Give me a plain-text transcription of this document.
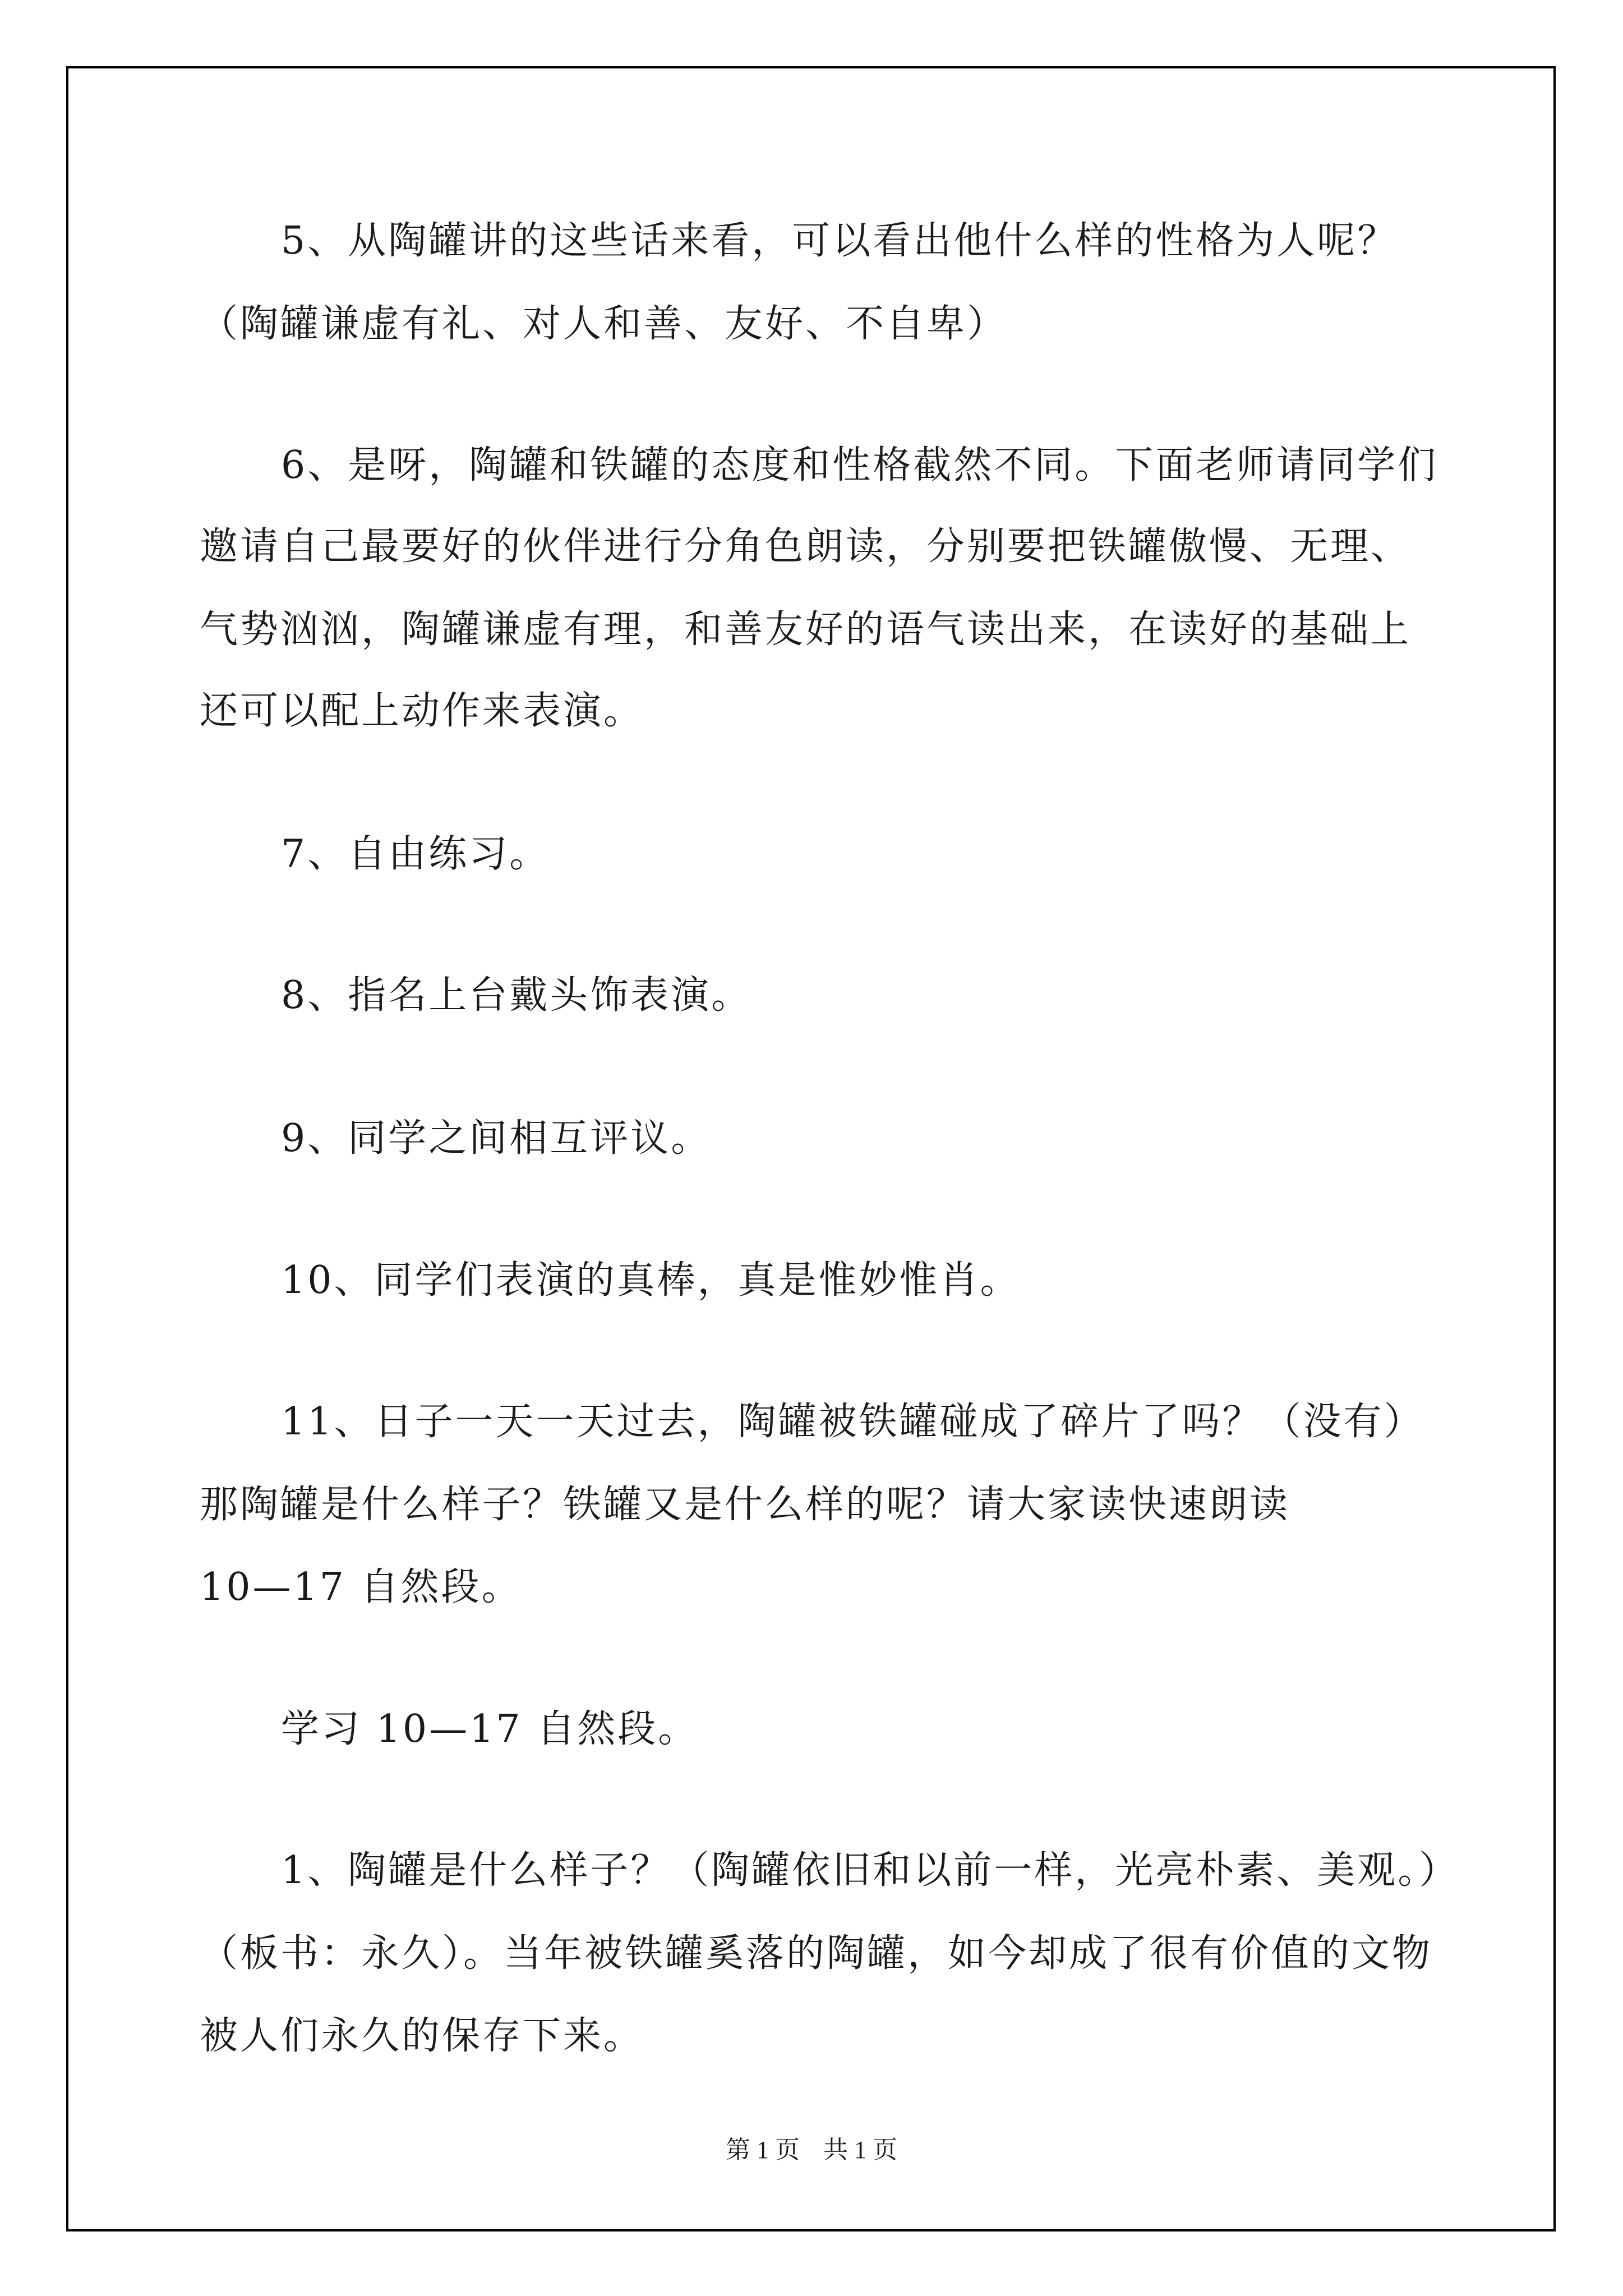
5、从陶罐讲的这些话来看，可以看出他什么样的性格为人呢？
（陶罐谦虚有礼、对人和善、友好、不自卑）
6、是呀，陶罐和铁罐的态度和性格截然不同。下面老师请同学们
邀请自己最要好的伙伴进行分角色朗读，分别要把铁罐傲慢、无理、
气势汹汹，陶罐谦虚有理，和善友好的语气读出来，在读好的基础上
还可以配上动作来表演。
7、自由练习。
8、指名上台戴头饰表演。
9、同学之间相互评议。
10、同学们表演的真棒，真是惟妙惟肖。
11、日子一天一天过去，陶罐被铁罐碰成了碎片了吗？（没有）
那陶罐是什么样子？铁罐又是什么样的呢？请大家读快速朗读
10—17 自然段。
学习 10—17 自然段。
1、陶罐是什么样子？（陶罐依旧和以前一样，光亮朴素、美观。）
（板书：永久）。当年被铁罐奚落的陶罐，如今却成了很有价值的文物
被人们永久的保存下来。
第 1 页 共 1 页
